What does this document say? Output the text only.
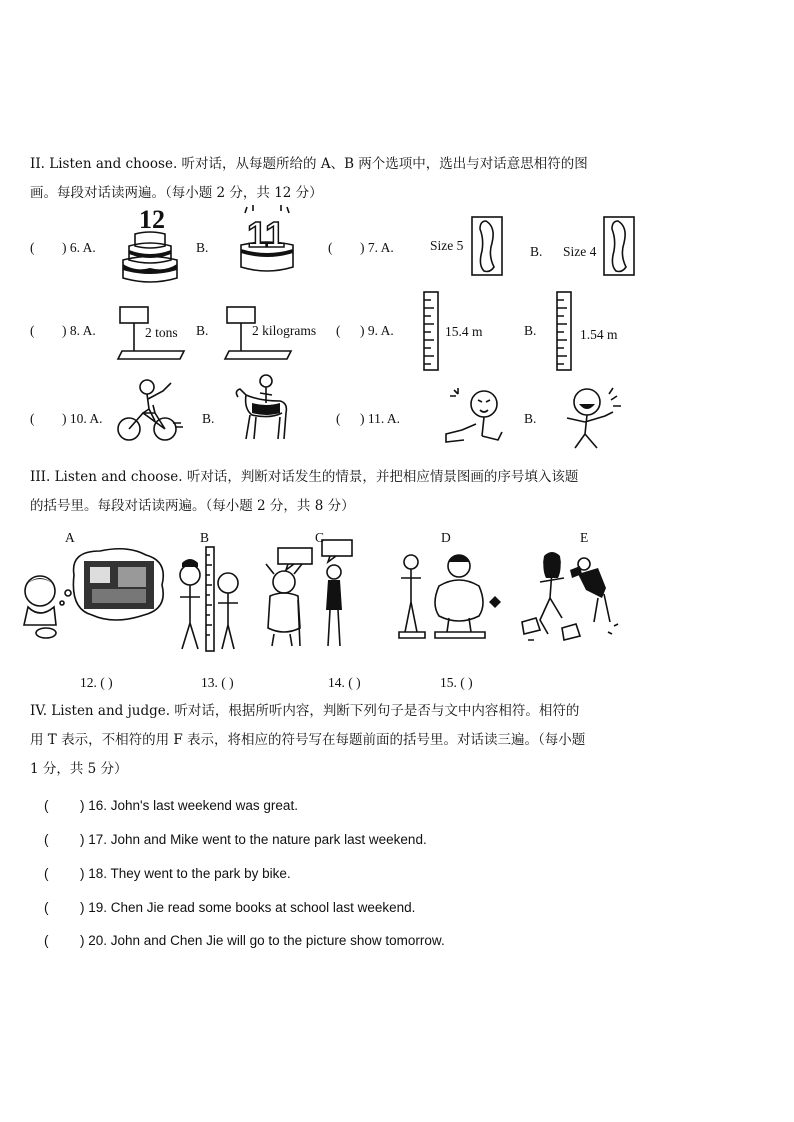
II. Listen and choose. 听对话，从每题所给的 A、B 两个选项中，选出与对话意思相符的图
画。每段对话读两遍。（每小题 2 分，共 12 分）
( ) 6. A.
12
B. 11	( ) 7. A.	Size 5	B. Size 4
( ) 8. A.	2 tons B.	2 kilograms ( ) 9. A.	15.4 m	B.	1.54 m
( ) 10. A.	B.	( ) 11. A.	B.
III. Listen and choose. 听对话，判断对话发生的情景，并把相应情景图画的序号填入该题
的括号里。每段对话读两遍。（每小题 2 分，共 8 分）
A	B	C	D	E
12. ( )	13. ( )	14. ( )	15. ( )
IV. Listen and judge. 听对话，根据所听内容，判断下列句子是否与文中内容相符。相符的
用 T 表示，不相符的用 F 表示，将相应的符号写在每题前面的括号里。对话读三遍。（每小题
1 分，共 5 分）
( ) 16. John's last weekend was great.
( ) 17. John and Mike went to the nature park last weekend.
( ) 18. They went to the park by bike.
( ) 19. Chen Jie read some books at school last weekend.
( ) 20. John and Chen Jie will go to the picture show tomorrow.
